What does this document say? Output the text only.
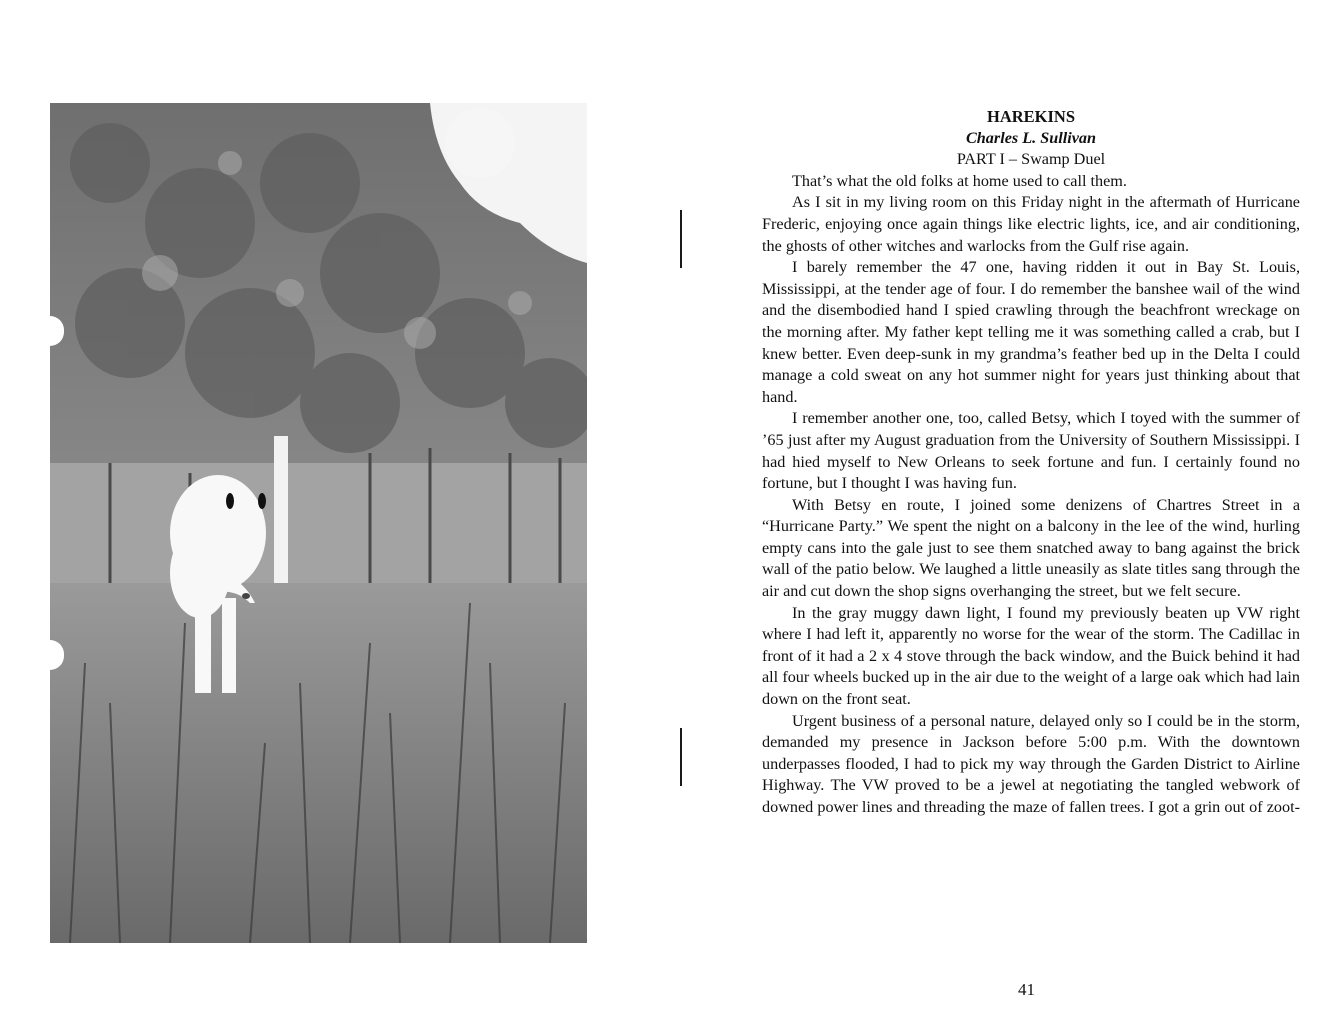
HAREKINS
Charles L. Sullivan
PART I – Swamp Duel

That’s what the old folks at home used to call them.

As I sit in my living room on this Friday night in the aftermath of Hurricane Frederic, enjoying once again things like electric lights, ice, and air conditioning, the ghosts of other witches and warlocks from the Gulf rise again.

I barely remember the 47 one, having ridden it out in Bay St. Louis, Mississippi, at the tender age of four. I do remember the banshee wail of the wind and the disembodied hand I spied crawling through the beachfront wreckage on the morning after. My father kept telling me it was something called a crab, but I knew better. Even deep-sunk in my grandma’s feather bed up in the Delta I could manage a cold sweat on any hot summer night for years just thinking about that hand.

I remember another one, too, called Betsy, which I toyed with the summer of ’65 just after my August graduation from the University of Southern Mississippi. I had hied myself to New Orleans to seek fortune and fun. I certainly found no fortune, but I thought I was having fun.

With Betsy en route, I joined some denizens of Chartres Street in a “Hurricane Party.” We spent the night on a balcony in the lee of the wind, hurling empty cans into the gale just to see them snatched away to bang against the brick wall of the patio below. We laughed a little uneasily as slate titles sang through the air and cut down the shop signs overhanging the street, but we felt secure.

In the gray muggy dawn light, I found my previously beaten up VW right where I had left it, apparently no worse for the wear of the storm. The Cadillac in front of it had a 2 x 4 stove through the back window, and the Buick behind it had all four wheels bucked up in the air due to the weight of a large oak which had lain down on the front seat.

Urgent business of a personal nature, delayed only so I could be in the storm, demanded my presence in Jackson before 5:00 p.m. With the downtown underpasses flooded, I had to pick my way through the Garden District to Airline Highway. The VW proved to be a jewel at negotiating the tangled webwork of downed power lines and threading the maze of fallen trees. I got a grin out of zoot-

41
